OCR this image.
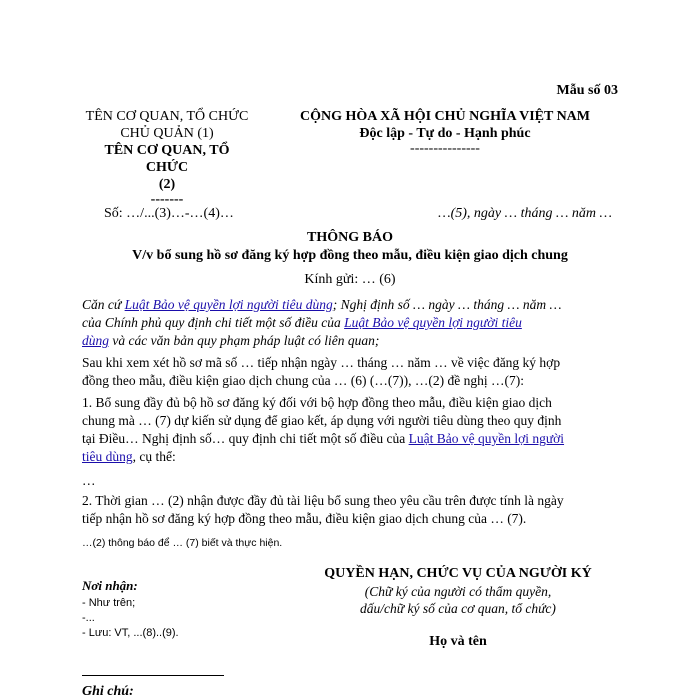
Mẫu số 03
TÊN CƠ QUAN, TỔ CHỨC
CHỦ QUẢN (1)
TÊN CƠ QUAN, TỔ CHỨC
(2)
-------
CỘNG HÒA XÃ HỘI CHỦ NGHĨA VIỆT NAM
Độc lập - Tự do - Hạnh phúc
---------------
Số: …/...(3)…-…(4)…	…(5), ngày … tháng … năm …
THÔNG BÁO
V/v bổ sung hồ sơ đăng ký hợp đồng theo mẫu, điều kiện giao dịch chung
Kính gửi: … (6)

Căn cứ Luật Bảo vệ quyền lợi người tiêu dùng; Nghị định số … ngày … tháng … năm …

của Chính phủ quy định chi tiết một số điều của Luật Bảo vệ quyền lợi người tiêu

dùng và các văn bản quy phạm pháp luật có liên quan;

Sau khi xem xét hồ sơ mã số … tiếp nhận ngày … tháng … năm … về việc đăng ký hợp

đồng theo mẫu, điều kiện giao dịch chung của … (6) (…(7)), …(2) đề nghị …(7):

1. Bổ sung đầy đủ bộ hồ sơ đăng ký đối với bộ hợp đồng theo mẫu, điều kiện giao dịch

chung mà … (7) dự kiến sử dụng để giao kết, áp dụng với người tiêu dùng theo quy định

tại Điều… Nghị định số… quy định chi tiết một số điều của Luật Bảo vệ quyền lợi người

tiêu dùng, cụ thể:

…

2. Thời gian … (2) nhận được đầy đủ tài liệu bổ sung theo yêu cầu trên được tính là ngày

tiếp nhận hồ sơ đăng ký hợp đồng theo mẫu, điều kiện giao dịch chung của … (7).

…(2) thông báo để … (7) biết và thực hiện.
Nơi nhận:
- Như trên;
-...
- Lưu: VT, ...(8)..(9).
QUYỀN HẠN, CHỨC VỤ CỦA NGƯỜI KÝ
(Chữ ký của người có thẩm quyền,
dấu/chữ ký số của cơ quan, tổ chức)
Họ và tên
Ghi chú:
